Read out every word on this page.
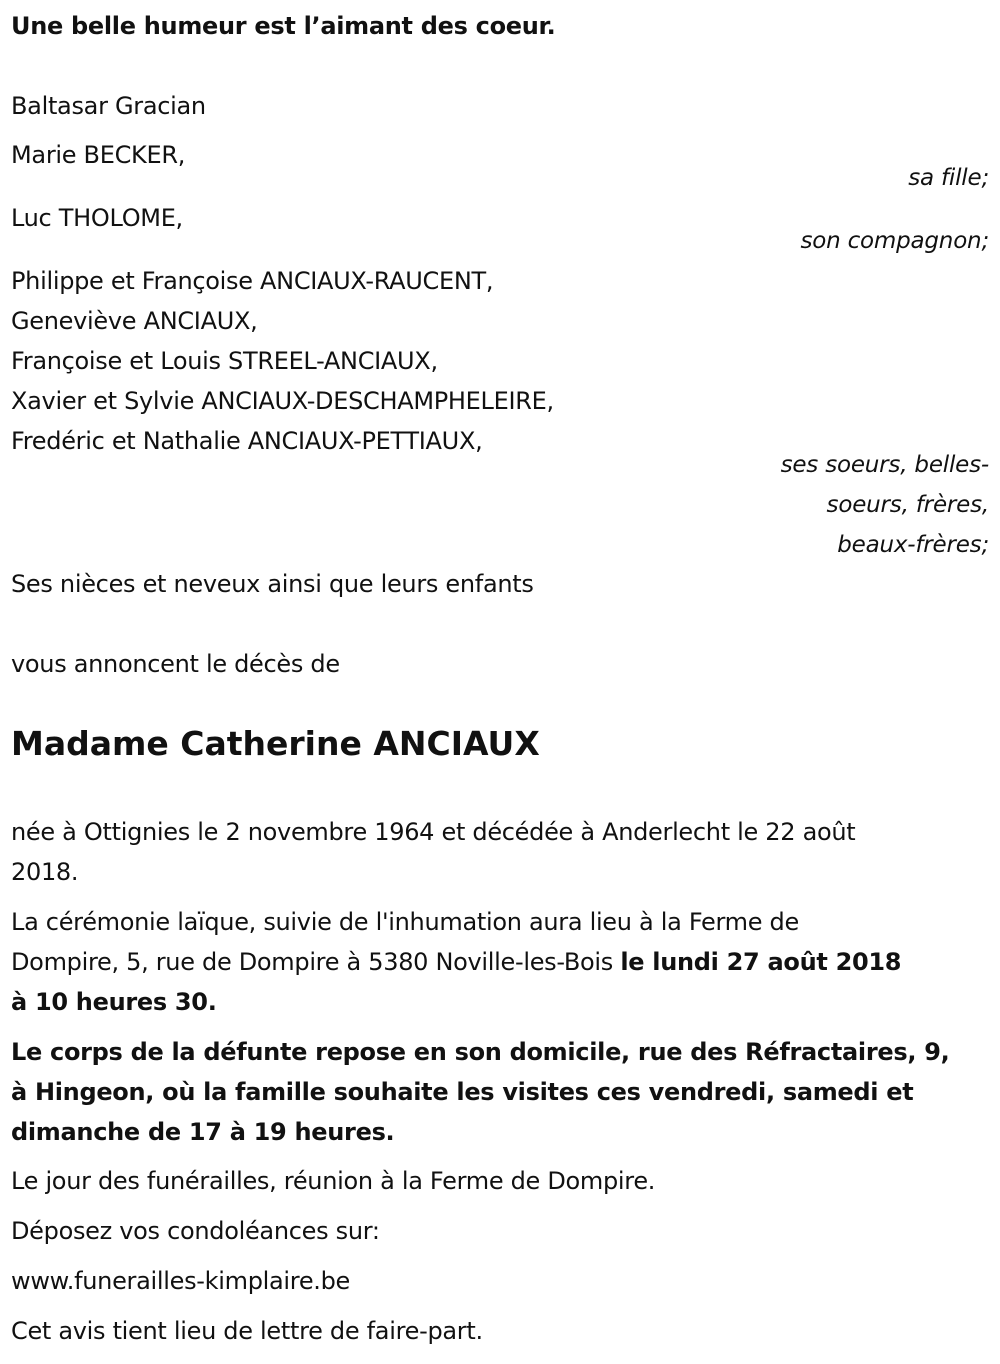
Une belle humeur est l’aimant des coeur.
Baltasar Gracian
Marie BECKER,
sa fille;
Luc THOLOME,
son compagnon;
Philippe et Françoise ANCIAUX-RAUCENT,
Geneviève ANCIAUX,
Françoise et Louis STREEL-ANCIAUX,
Xavier et Sylvie ANCIAUX-DESCHAMPHELEIRE,
Fredéric et Nathalie ANCIAUX-PETTIAUX,
ses soeurs, belles-
soeurs, frères,
beaux-frères;
Ses nièces et neveux ainsi que leurs enfants
vous annoncent le décès de
Madame Catherine ANCIAUX
née à Ottignies le 2 novembre 1964 et décédée à Anderlecht le 22 août
2018.
La cérémonie laïque, suivie de l'inhumation aura lieu à la Ferme de
Dompire, 5, rue de Dompire à 5380 Noville-les-Bois le lundi 27 août 2018
à 10 heures 30.
Le corps de la défunte repose en son domicile, rue des Réfractaires, 9,
à Hingeon, où la famille souhaite les visites ces vendredi, samedi et
dimanche de 17 à 19 heures.
Le jour des funérailles, réunion à la Ferme de Dompire.
Déposez vos condoléances sur:
www.funerailles-kimplaire.be
Cet avis tient lieu de lettre de faire-part.
